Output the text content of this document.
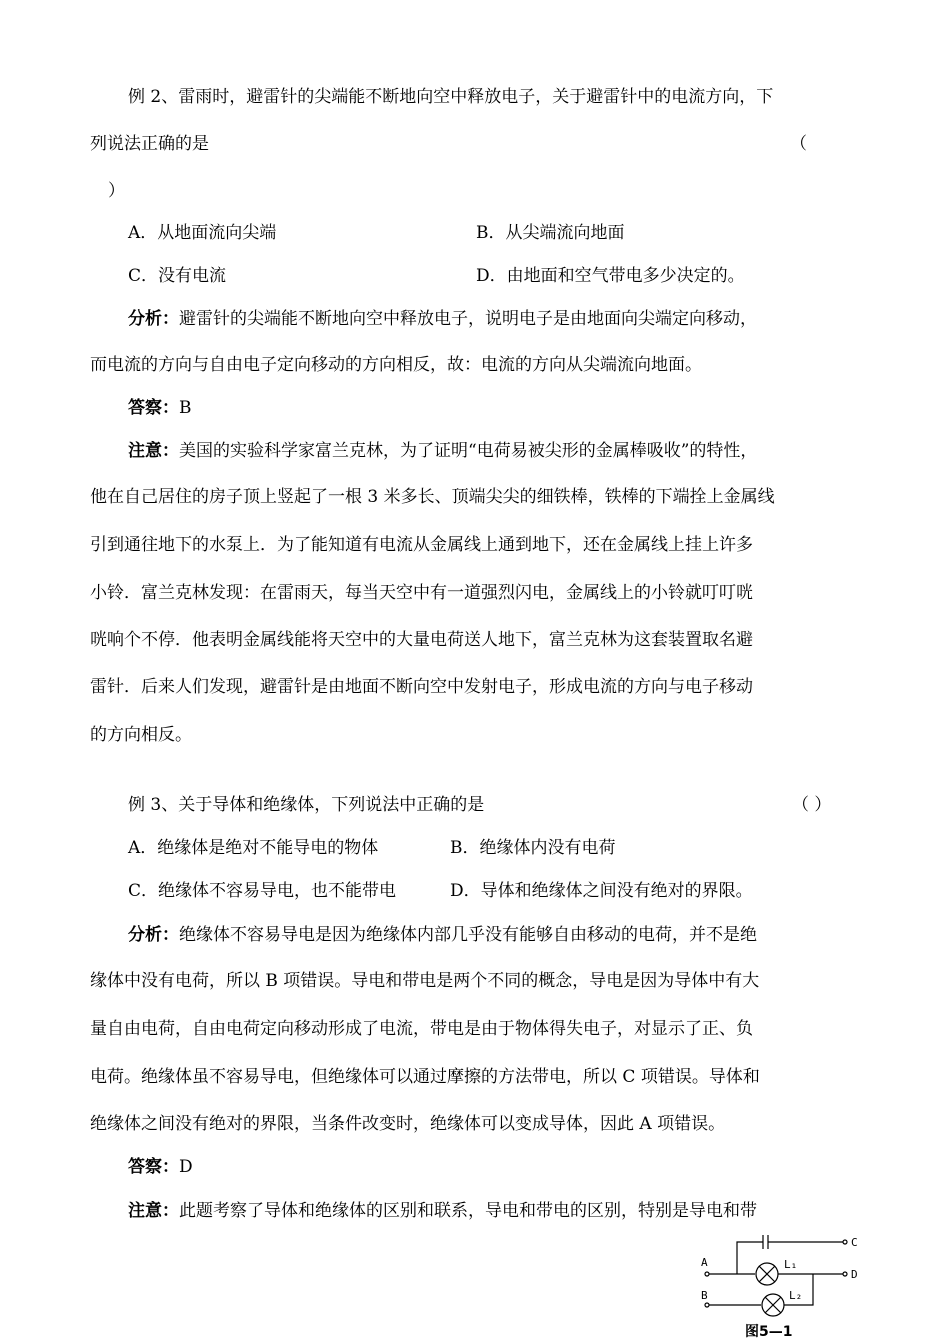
例 2、雷雨时，避雷针的尖端能不断地向空中释放电子，关于避雷针中的电流方向，下
列说法正确的是	（
）
A．从地面流向尖端	B．从尖端流向地面
C．没有电流	D．由地面和空气带电多少决定的。
分析：避雷针的尖端能不断地向空中释放电子，说明电子是由地面向尖端定向移动，
而电流的方向与自由电子定向移动的方向相反，故：电流的方向从尖端流向地面。
答察：B
注意：美国的实验科学家富兰克林，为了证明“电荷易被尖形的金属棒吸收”的特性，
他在自己居住的房子顶上竖起了一根 3 米多长、顶端尖尖的细铁棒，铁棒的下端拴上金属线
引到通往地下的水泵上．为了能知道有电流从金属线上通到地下，还在金属线上挂上许多
小铃．富兰克林发现：在雷雨天，每当天空中有一道强烈闪电，金属线上的小铃就叮叮咣
咣响个不停．他表明金属线能将天空中的大量电荷送人地下，富兰克林为这套装置取名避
雷针．后来人们发现，避雷针是由地面不断向空中发射电子，形成电流的方向与电子移动
的方向相反。
例 3、关于导体和绝缘体，下列说法中正确的是	（ ）
A．绝缘体是绝对不能导电的物体	B．绝缘体内没有电荷
C．绝缘体不容易导电，也不能带电	D．导体和绝缘体之间没有绝对的界限。
分析：绝缘体不容易导电是因为绝缘体内部几乎没有能够自由移动的电荷，并不是绝
缘体中没有电荷，所以 B 项错误。导电和带电是两个不同的概念，导电是因为导体中有大
量自由电荷，自由电荷定向移动形成了电流，带电是由于物体得失电子，对显示了正、负
电荷。绝缘体虽不容易导电，但绝缘体可以通过摩擦的方法带电，所以 C 项错误。导体和
绝缘体之间没有绝对的界限，当条件改变时，绝缘体可以变成导体，因此 A 项错误。
答察：D
注意：此题考察了导体和绝缘体的区别和联系，导电和带电的区别，特别是导电和带
A
B
C
D
L₁
L₂
图5—1
